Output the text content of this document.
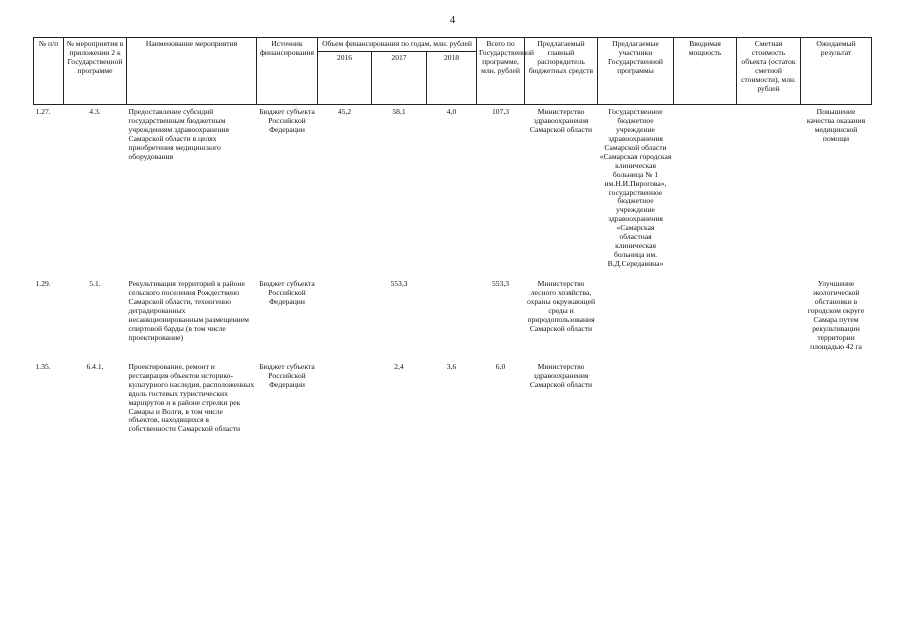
4
№ п/п	№ мероприятия в приложении 2 к Государственной программе	Наименование мероприятия	Источник финансирования	Объем финансирования по годам, млн. рублей			Всего по Государственной программе, млн. рублей	Предлагаемый главный распорядитель бюджетных средств	Предлагаемые участники Государственной программы	Вводимая мощность	Сметная стоимость объекта (остаток сметной стоимости), млн. рублей	Ожидаемый результат
				2016	2017	2018						
1.27.	4.3.	Предоставление субсидий государственным бюджетным учреждениям здравоохранения Самарской области в целях приобретения медицинского оборудования	Бюджет субъекта Российской Федерации	45,2	58,1	4,0	107,3	Министерство здравоохранения Самарской области	Государственное бюджетное учреждение здравоохранения Самарской области «Самарская городская клиническая больница № 1 им.Н.И.Пирогова», государственное бюджетное учреждение здравоохранения «Самарская областная клиническая больница им. В.Д.Середавина»			Повышение качества оказания медицинской помощи
1.29.	5.1.	Рекультивация территорий в районе сельского поселения Рождествено Самарской области, техногенно деградированных несанкционированным размещением спиртовой барды (в том числе проектирование)	Бюджет субъекта Российской Федерации		553,3		553,3	Министерство лесного хозяйства, охраны окружающей среды и природопользования Самарской области				Улучшение экологической обстановки в городском округе Самара путем рекультивации территории площадью 42 га
1.35.	6.4.1.	Проектирование, ремонт и реставрация объектов историко-культурного наследия, расположенных вдоль гостевых туристических маршрутов и в районе стрелки рек Самары и Волги, в том числе объектов, находящихся в собственности Самарской области	Бюджет субъекта Российской Федерации		2,4	3,6	6,0	Министерство здравоохранения Самарской области				
